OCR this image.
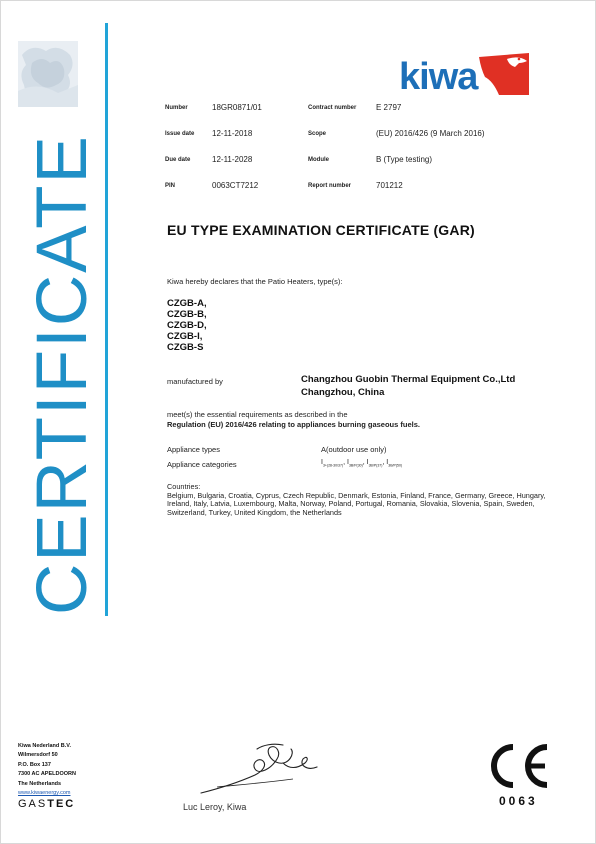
CERTIFICATE
kiwa
Number	18GR0871/01	Contract number E 2797
Issue date 12-11-2018	Scope	(EU) 2016/426 (9 March 2016)
Due date	12-11-2028	Module	B (Type testing)
PIN	0063CT7212	Report number	701212
EU TYPE EXAMINATION CERTIFICATE (GAR)
Kiwa hereby declares that the Patio Heaters, type(s):
CZGB-A,
CZGB-B,
CZGB-D,
CZGB-I,
CZGB-S
manufactured by	Changzhou Guobin Thermal Equipment Co.,Ltd
Changzhou, China
meet(s) the essential requirements as described in the
Regulation (EU) 2016/426 relating to appliances burning gaseous fuels.
Appliance types	A(outdoor use only)
Appliance categories	$I_{3+(28-30/37)}$, $I_{3B/P(30)}$, $I_{3B/P(37)}$, $I_{3B/P(50)}$
Countries:
Belgium, Bulgaria, Croatia, Cyprus, Czech Republic, Denmark, Estonia, Finland, France, Germany, Greece, Hungary, Ireland, Italy, Latvia, Luxembourg, Malta, Norway, Poland, Portugal, Romania, Slovakia, Slovenia, Spain, Sweden, Switzerland, Turkey, United Kingdom, the Netherlands
Kiwa Nederland B.V.
Wilmersdorf 50
P.O. Box 137
7300 AC APELDOORN
The Netherlands
www.kiwaenergy.com
GASTEC	Luc Leroy, Kiwa	0063
